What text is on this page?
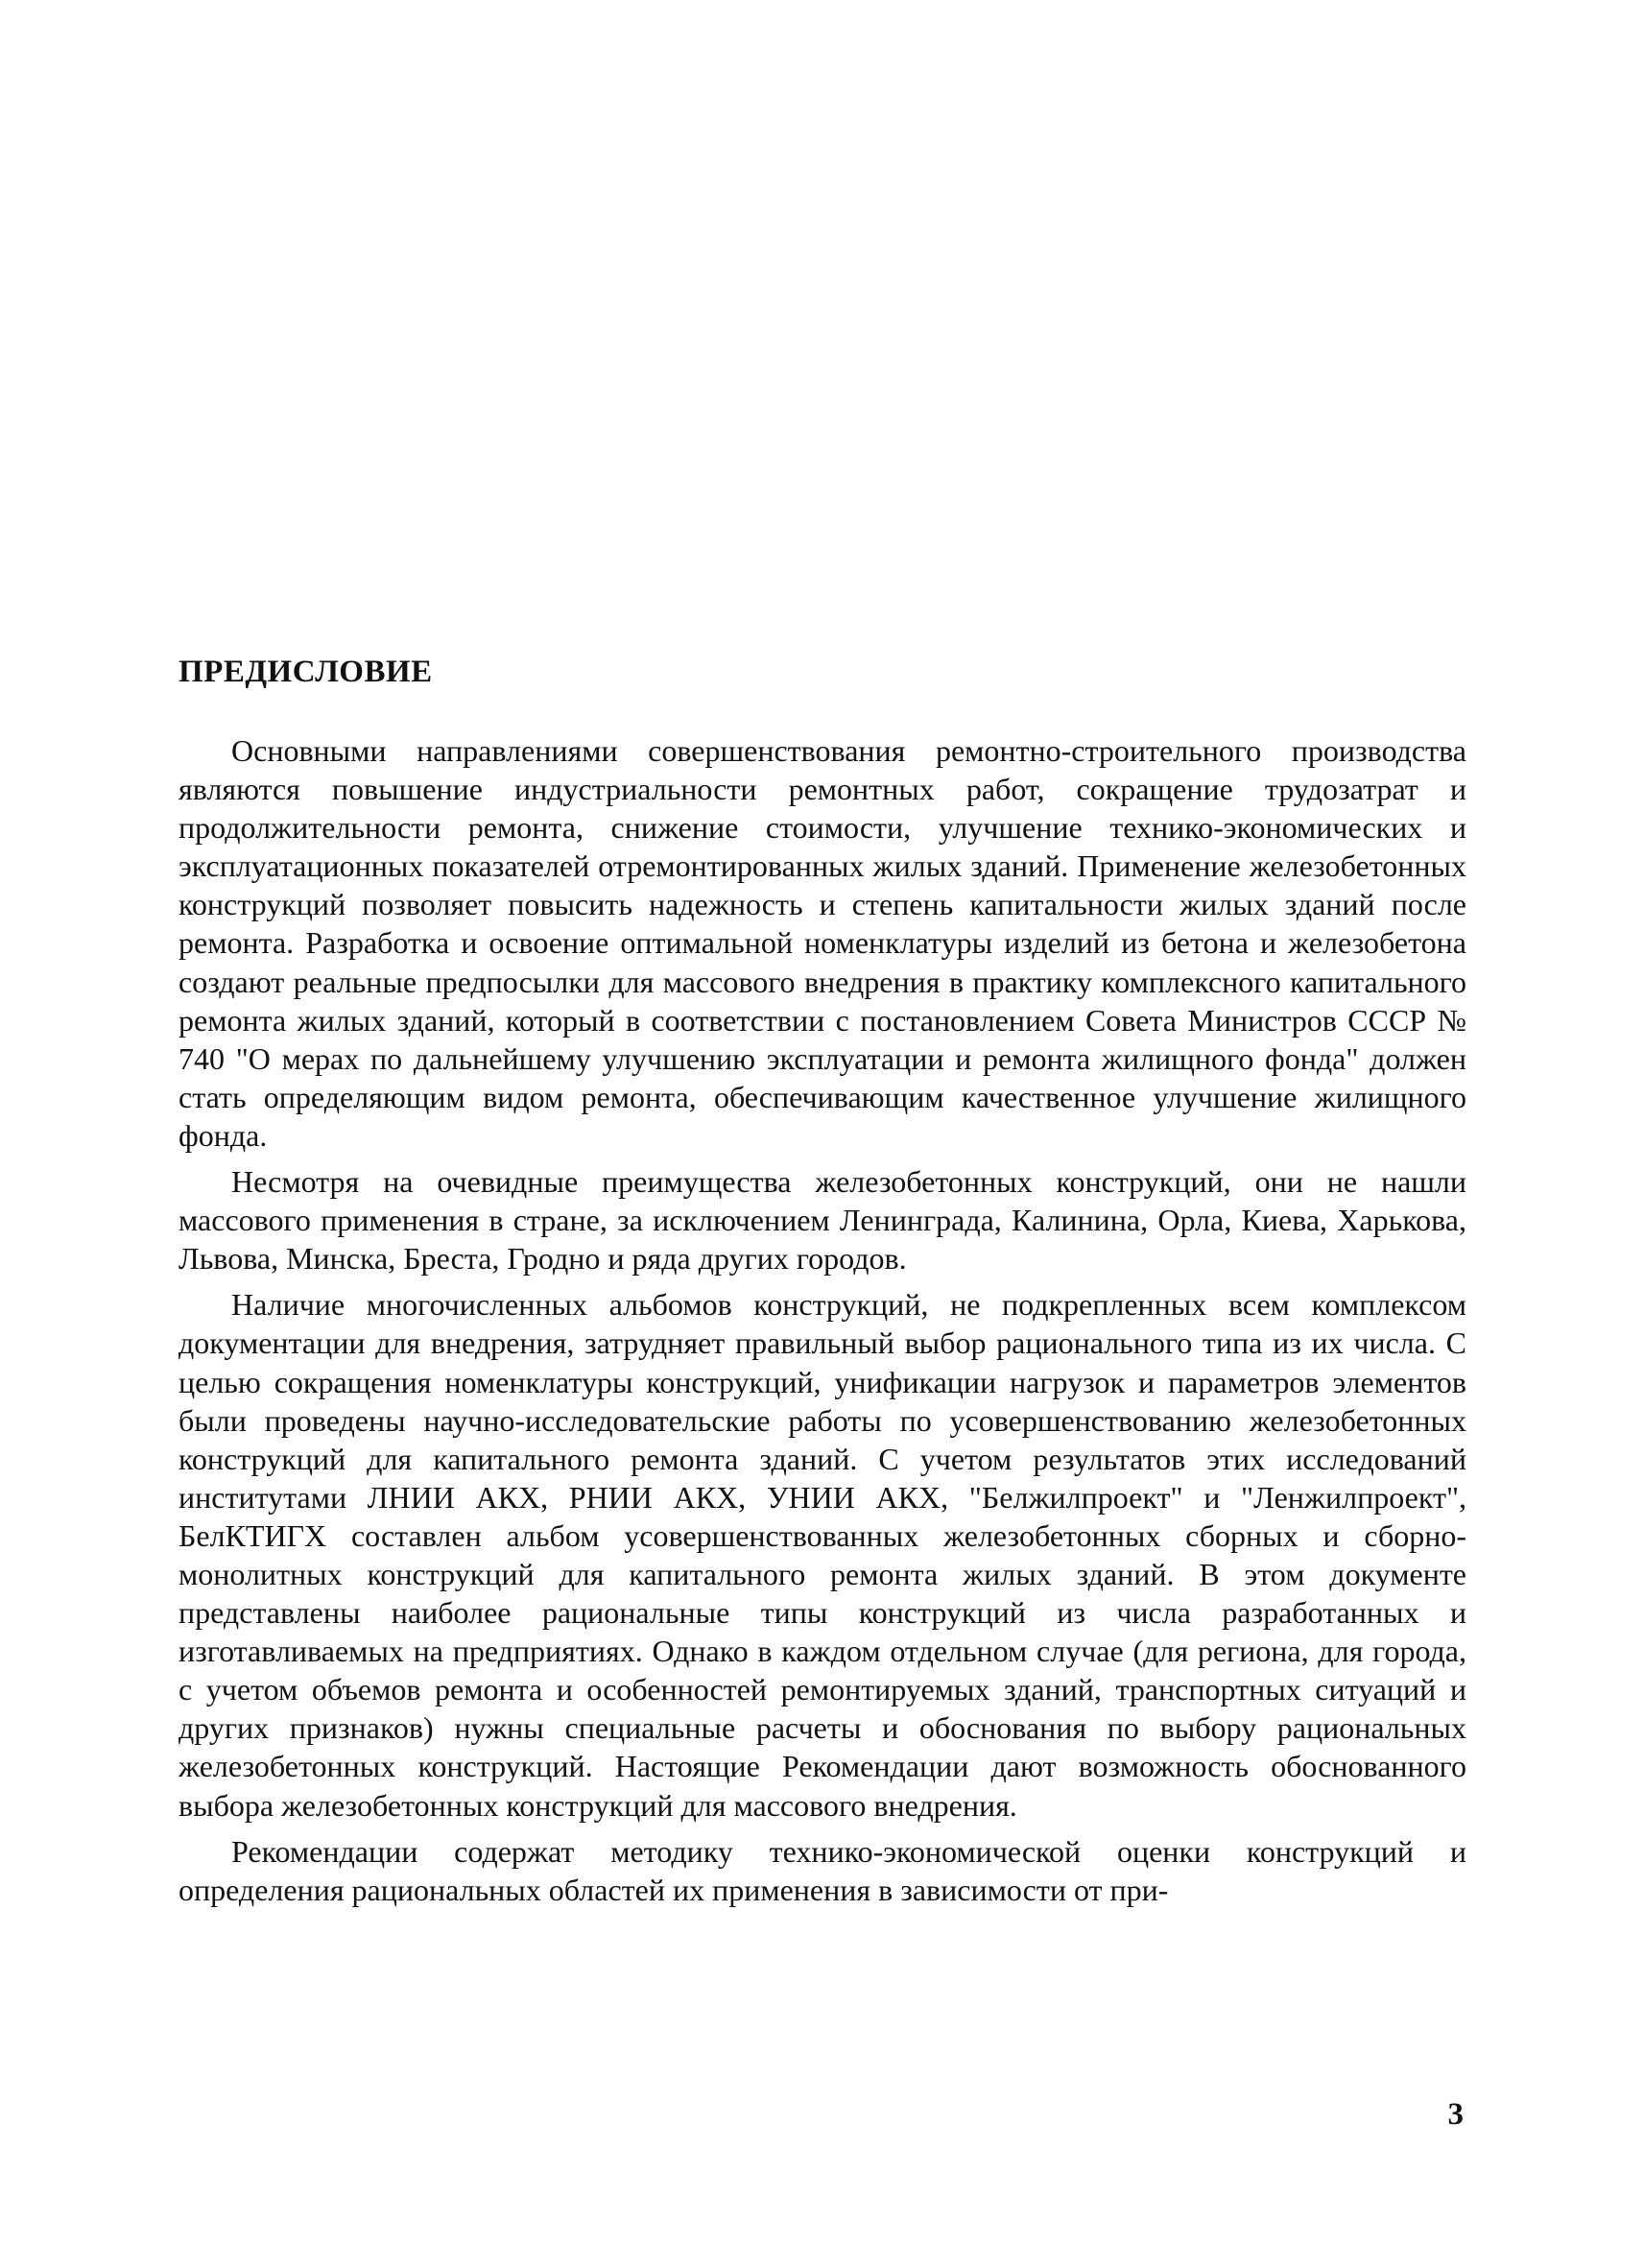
ПРЕДИСЛОВИЕ

Основными направлениями совершенствования ремонтно-строительного производства являются повышение индустриальности ремонтных работ, сокращение трудозатрат и продолжительности ремонта, снижение стоимости, улучшение технико-экономических и эксплуатационных показателей отремонтированных жилых зданий. Применение железобетонных конструкций позволяет повысить надежность и степень капитальности жилых зданий после ремонта. Разработка и освоение оптимальной номенклатуры изделий из бетона и железобетона создают реальные предпосылки для массового внедрения в практику комплексного капитального ремонта жилых зданий, который в соответствии с постановлением Совета Министров СССР № 740 "О мерах по дальнейшему улучшению эксплуатации и ремонта жилищного фонда" должен стать определяющим видом ремонта, обеспечивающим качественное улучшение жилищного фонда.

Несмотря на очевидные преимущества железобетонных конструкций, они не нашли массового применения в стране, за исключением Ленинграда, Калинина, Орла, Киева, Харькова, Львова, Минска, Бреста, Гродно и ряда других городов.

Наличие многочисленных альбомов конструкций, не подкрепленных всем комплексом документации для внедрения, затрудняет правильный выбор рационального типа из их числа. С целью сокращения номенклатуры конструкций, унификации нагрузок и параметров элементов были проведены научно-исследовательские работы по усовершенствованию железобетонных конструкций для капитального ремонта зданий. С учетом результатов этих исследований институтами ЛНИИ АКХ, РНИИ АКХ, УНИИ АКХ, "Белжилпроект" и "Ленжилпроект", БелКТИГХ составлен альбом усовершенствованных железобетонных сборных и сборно-монолитных конструкций для капитального ремонта жилых зданий. В этом документе представлены наиболее рациональные типы конструкций из числа разработанных и изготавливаемых на предприятиях. Однако в каждом отдельном случае (для региона, для города, с учетом объемов ремонта и особенностей ремонтируемых зданий, транспортных ситуаций и других признаков) нужны специальные расчеты и обоснования по выбору рациональных железобетонных конструкций. Настоящие Рекомендации дают возможность обоснованного выбора железобетонных конструкций для массового внедрения.

Рекомендации содержат методику технико-экономической оценки конструкций и определения рациональных областей их применения в зависимости от при-

3
